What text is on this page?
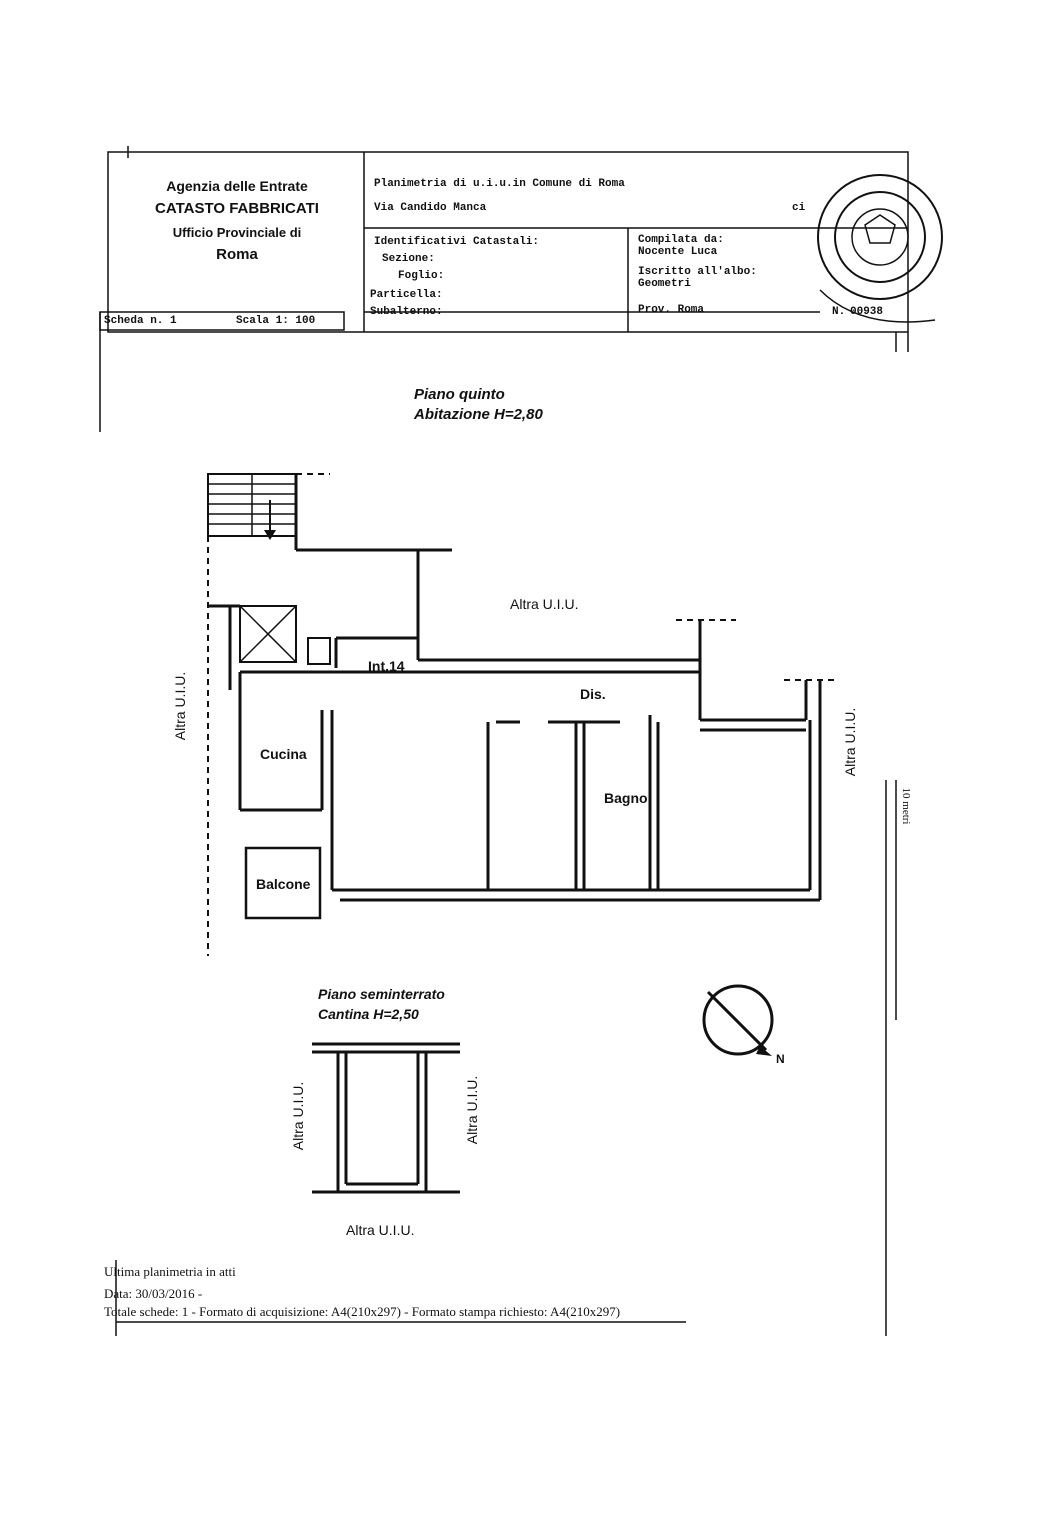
Agenzia delle Entrate
CATASTO FABBRICATI
Ufficio Provinciale di
Roma
Planimetria di u.i.u.in Comune di Roma
Via Candido Manca	ci
Identificativi Catastali:
Sezione:
Foglio:
Particella:
Subalterno:
Compilata da:
Nocente Luca
Iscritto all'albo:
Geometri
Prov. Roma	N. 00938
Scheda n. 1	Scala 1: 100
Piano quinto
Abitazione H=2,80
Altra U.I.U.
Int.14
Dis.
Cucina
Bagno
Balcone
Altra U.I.U.
Altra U.I.U.
10 metri
Piano seminterrato
Cantina H=2,50
Altra U.I.U.	Altra U.I.U.
Altra U.I.U.
N
Ultima planimetria in atti
Data: 30/03/2016 -
Totale schede: 1 - Formato di acquisizione: A4(210x297) - Formato stampa richiesto: A4(210x297)
